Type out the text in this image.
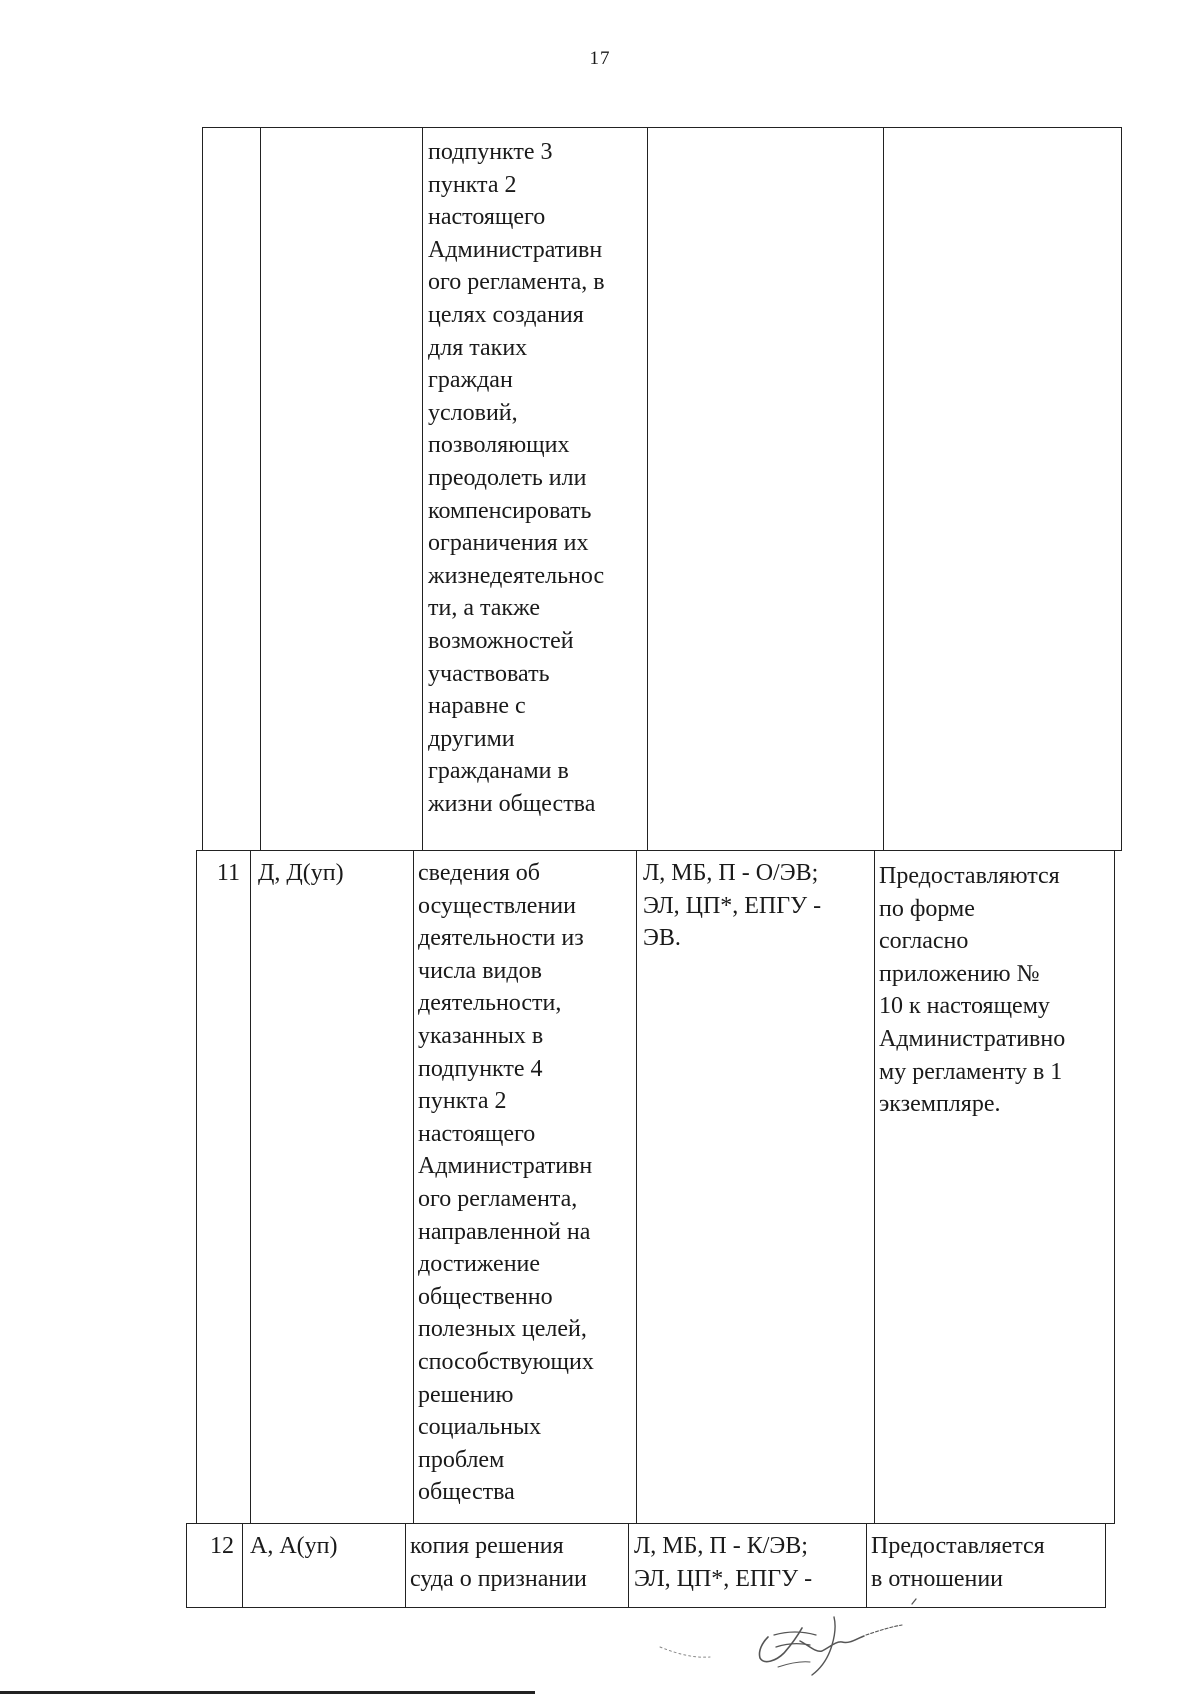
17
подпункте 3
пункта 2
настоящего
Административн
ого регламента, в
целях создания
для таких
граждан
условий,
позволяющих
преодолеть или
компенсировать
ограничения их
жизнедеятельнос
ти, а также
возможностей
участвовать
наравне с
другими
гражданами в
жизни общества
11 Д, Д(уп)	сведения об
осуществлении
деятельности из
числа видов
деятельности,
указанных в
подпункте 4
пункта 2
настоящего
Административн
ого регламента,
направленной на
достижение
общественно
полезных целей,
способствующих
решению
социальных
проблем
общества
Л, МБ, П - О/ЭВ;
ЭЛ, ЦП*, ЕПГУ -
ЭВ.
Предоставляются
по форме
согласно
приложению №
10 к настоящему
Административно
му регламенту в 1
экземпляре.
12 А, А(уп)	копия решения
суда о признании
Л, МБ, П - К/ЭВ;
ЭЛ, ЦП*, ЕПГУ -
Предоставляется
в отношении
